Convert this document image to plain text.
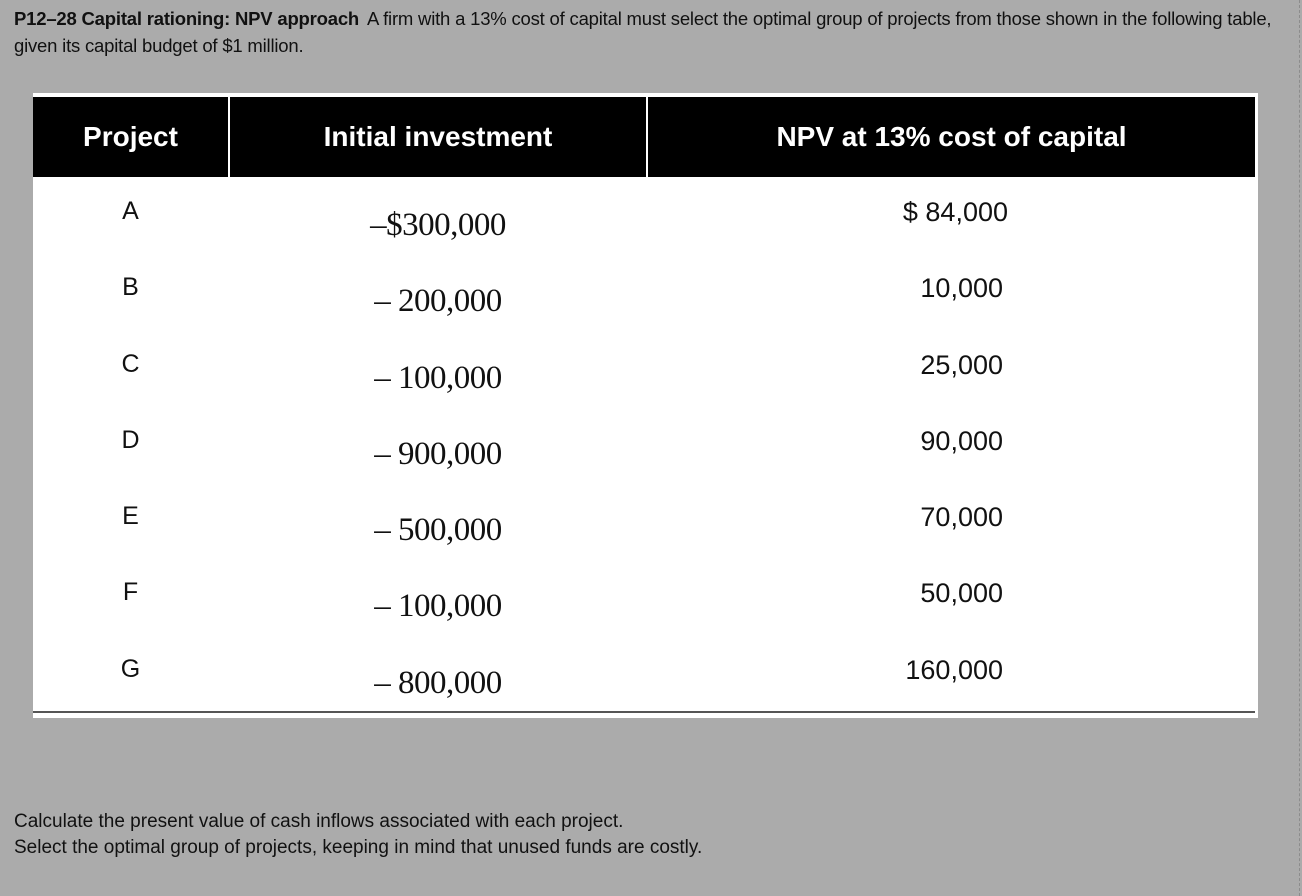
P12–28 Capital rationing: NPV approach A firm with a 13% cost of capital must select the optimal group of projects from those shown in the following table, given its capital budget of $1 million.
Project	Initial investment	NPV at 13% cost of capital
A	–$300,000	$ 84,000
B	– 200,000	10,000
C	– 100,000	25,000
D	– 900,000	90,000
E	– 500,000	70,000
F	– 100,000	50,000
G	– 800,000	160,000
Calculate the present value of cash inflows associated with each project.
Select the optimal group of projects, keeping in mind that unused funds are costly.
